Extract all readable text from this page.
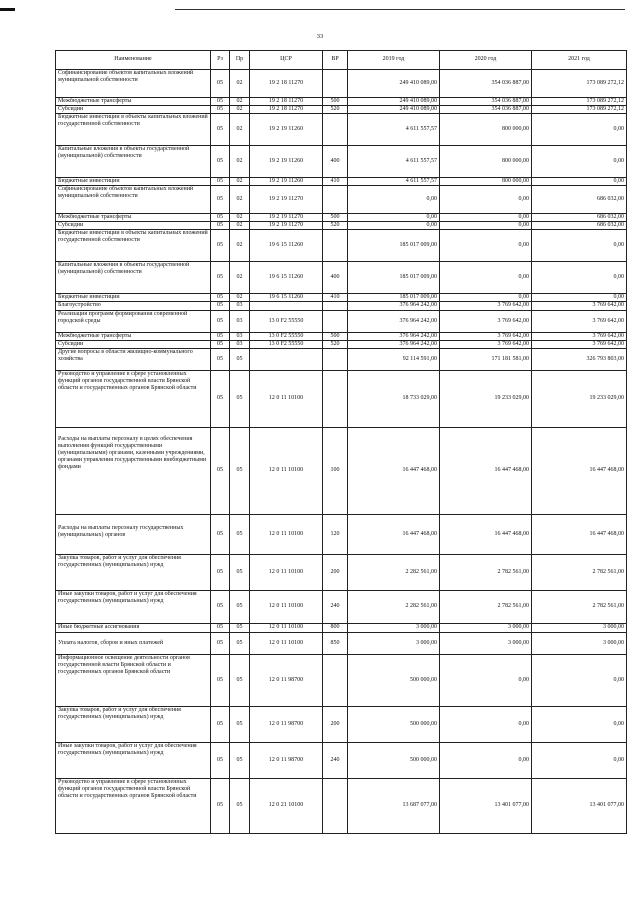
33
Наименование	Рз	Пр	ЦСР	ВР	2019 год	2020 год	2021 год
Софинансирование объектов капитальных вложений муниципальной собственности	05	02	19 2 18 11270		249 410 089,00	354 036 887,00	173 089 272,12
Межбюджетные трансферты	05	02	19 2 18 11270	500	249 410 089,00	354 036 887,00	173 089 272,12
Субсидии	05	02	19 2 18 11270	520	249 410 089,00	354 036 887,00	173 089 272,12
Бюджетные инвестиции в объекты капитальных вложений государственной собственности	05	02	19 2 19 11260		4 611 557,57	800 000,00	0,00
Капитальные вложения в объекты государственной (муниципальной) собственности	05	02	19 2 19 11260	400	4 611 557,57	800 000,00	0,00
Бюджетные инвестиции	05	02	19 2 19 11260	410	4 611 557,57	800 000,00	0,00
Софинансирование объектов капитальных вложений муниципальной собственности	05	02	19 2 19 11270		0,00	0,00	686 032,00
Межбюджетные трансферты	05	02	19 2 19 11270	500	0,00	0,00	686 032,00
Субсидии	05	02	19 2 19 11270	520	0,00	0,00	686 032,00
Бюджетные инвестиции в объекты капитальных вложений государственной собственности	05	02	19 6 15 11260		185 017 009,00	0,00	0,00
Капитальные вложения в объекты государственной (муниципальной) собственности	05	02	19 6 15 11260	400	185 017 009,00	0,00	0,00
Бюджетные инвестиции	05	02	19 6 15 11260	410	185 017 009,00	0,00	0,00
Благоустройство	05	03			376 964 242,00	3 769 642,00	3 769 642,00
Реализация программ формирования современной городской среды	05	03	13 0 F2 55550		376 964 242,00	3 769 642,00	3 769 642,00
Межбюджетные трансферты	05	03	13 0 F2 55550	500	376 964 242,00	3 769 642,00	3 769 642,00
Субсидии	05	03	13 0 F2 55550	520	376 964 242,00	3 769 642,00	3 769 642,00
Другие вопросы в области жилищно-коммунального хозяйства	05	05			92 114 591,00	171 181 581,00	326 793 803,00
Руководство и управление в сфере установленных функций органов государственной власти Брянской области и государственных органов Брянской области	05	05	12 0 11 10100		18 733 029,00	19 233 029,00	19 233 029,00
Расходы на выплаты персоналу в целях обеспечения выполнения функций государственными (муниципальными) органами, казенными учреждениями, органами управления государственными внебюджетными фондами	05	05	12 0 11 10100	100	16 447 468,00	16 447 468,00	16 447 468,00
Расходы на выплаты персоналу государственных (муниципальных) органов	05	05	12 0 11 10100	120	16 447 468,00	16 447 468,00	16 447 468,00
Закупка товаров, работ и услуг для обеспечения государственных (муниципальных) нужд	05	05	12 0 11 10100	200	2 282 561,00	2 782 561,00	2 782 561,00
Иные закупки товаров, работ и услуг для обеспечения государственных (муниципальных) нужд	05	05	12 0 11 10100	240	2 282 561,00	2 782 561,00	2 782 561,00
Иные бюджетные ассигнования	05	05	12 0 11 10100	800	3 000,00	3 000,00	3 000,00
Уплата налогов, сборов и иных платежей	05	05	12 0 11 10100	850	3 000,00	3 000,00	3 000,00
Информационное освещение деятельности органов государственной власти Брянской области и государственных органов Брянской области	05	05	12 0 11 98700		500 000,00	0,00	0,00
Закупка товаров, работ и услуг для обеспечения государственных (муниципальных) нужд	05	05	12 0 11 98700	200	500 000,00	0,00	0,00
Иные закупки товаров, работ и услуг для обеспечения государственных (муниципальных) нужд	05	05	12 0 11 98700	240	500 000,00	0,00	0,00
Руководство и управление в сфере установленных функций органов государственной власти Брянской области и государственных органов Брянской области	05	05	12 0 21 10100		13 687 077,00	13 401 077,00	13 401 077,00
